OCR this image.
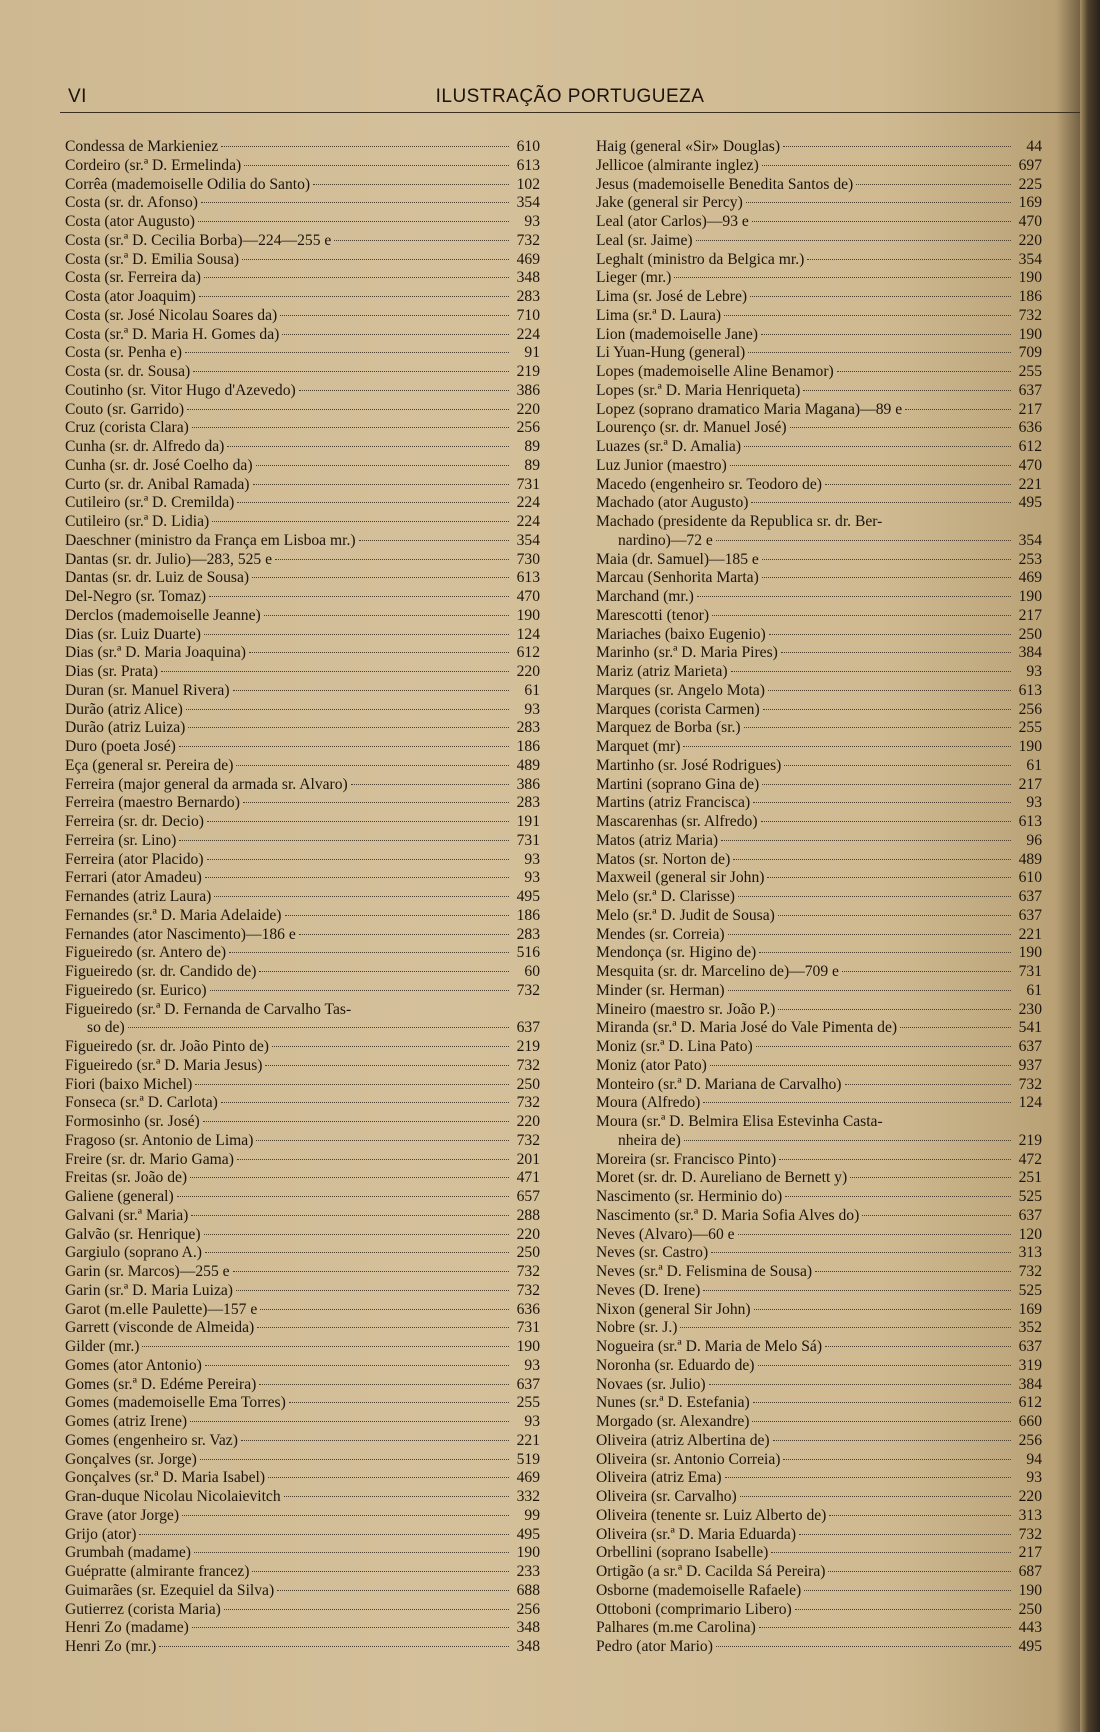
VI	ILUSTRAÇÃO PORTUGUEZA
Condessa de Markieniez	610
Cordeiro (sr.ª D. Ermelinda)	613
Corrêa (mademoiselle Odilia do Santo)	102
Costa (sr. dr. Afonso)	354
Costa (ator Augusto)	93
Costa (sr.ª D. Cecilia Borba)—224—255 e	732
Costa (sr.ª D. Emilia Sousa)	469
Costa (sr. Ferreira da)	348
Costa (ator Joaquim)	283
Costa (sr. José Nicolau Soares da)	710
Costa (sr.ª D. Maria H. Gomes da)	224
Costa (sr. Penha e)	91
Costa (sr. dr. Sousa)	219
Coutinho (sr. Vitor Hugo d'Azevedo)	386
Couto (sr. Garrido)	220
Cruz (corista Clara)	256
Cunha (sr. dr. Alfredo da)	89
Cunha (sr. dr. José Coelho da)	89
Curto (sr. dr. Anibal Ramada)	731
Cutileiro (sr.ª D. Cremilda)	224
Cutileiro (sr.ª D. Lidia)	224
Daeschner (ministro da França em Lisboa mr.)	354
Dantas (sr. dr. Julio)—283, 525 e	730
Dantas (sr. dr. Luiz de Sousa)	613
Del-Negro (sr. Tomaz)	470
Derclos (mademoiselle Jeanne)	190
Dias (sr. Luiz Duarte)	124
Dias (sr.ª D. Maria Joaquina)	612
Dias (sr. Prata)	220
Duran (sr. Manuel Rivera)	61
Durão (atriz Alice)	93
Durão (atriz Luiza)	283
Duro (poeta José)	186
Eça (general sr. Pereira de)	489
Ferreira (major general da armada sr. Alvaro)	386
Ferreira (maestro Bernardo)	283
Ferreira (sr. dr. Decio)	191
Ferreira (sr. Lino)	731
Ferreira (ator Placido)	93
Ferrari (ator Amadeu)	93
Fernandes (atriz Laura)	495
Fernandes (sr.ª D. Maria Adelaide)	186
Fernandes (ator Nascimento)—186 e	283
Figueiredo (sr. Antero de)	516
Figueiredo (sr. dr. Candido de)	60
Figueiredo (sr. Eurico)	732
Figueiredo (sr.ª D. Fernanda de Carvalho Tas-
so de)	637
Figueiredo (sr. dr. João Pinto de)	219
Figueiredo (sr.ª D. Maria Jesus)	732
Fiori (baixo Michel)	250
Fonseca (sr.ª D. Carlota)	732
Formosinho (sr. José)	220
Fragoso (sr. Antonio de Lima)	732
Freire (sr. dr. Mario Gama)	201
Freitas (sr. João de)	471
Galiene (general)	657
Galvani (sr.ª Maria)	288
Galvão (sr. Henrique)	220
Gargiulo (soprano A.)	250
Garin (sr. Marcos)—255 e	732
Garin (sr.ª D. Maria Luiza)	732
Garot (m.elle Paulette)—157 e	636
Garrett (visconde de Almeida)	731
Gilder (mr.)	190
Gomes (ator Antonio)	93
Gomes (sr.ª D. Edéme Pereira)	637
Gomes (mademoiselle Ema Torres)	255
Gomes (atriz Irene)	93
Gomes (engenheiro sr. Vaz)	221
Gonçalves (sr. Jorge)	519
Gonçalves (sr.ª D. Maria Isabel)	469
Gran-duque Nicolau Nicolaievitch	332
Grave (ator Jorge)	99
Grijo (ator)	495
Grumbah (madame)	190
Guépratte (almirante francez)	233
Guimarães (sr. Ezequiel da Silva)	688
Gutierrez (corista Maria)	256
Henri Zo (madame)	348
Henri Zo (mr.)	348
Haig (general «Sir» Douglas)	44
Jellicoe (almirante inglez)	697
Jesus (mademoiselle Benedita Santos de)	225
Jake (general sir Percy)	169
Leal (ator Carlos)—93 e	470
Leal (sr. Jaime)	220
Leghalt (ministro da Belgica mr.)	354
Lieger (mr.)	190
Lima (sr. José de Lebre)	186
Lima (sr.ª D. Laura)	732
Lion (mademoiselle Jane)	190
Li Yuan-Hung (general)	709
Lopes (mademoiselle Aline Benamor)	255
Lopes (sr.ª D. Maria Henriqueta)	637
Lopez (soprano dramatico Maria Magana)—89 e	217
Lourenço (sr. dr. Manuel José)	636
Luazes (sr.ª D. Amalia)	612
Luz Junior (maestro)	470
Macedo (engenheiro sr. Teodoro de)	221
Machado (ator Augusto)	495
Machado (presidente da Republica sr. dr. Ber-
nardino)—72 e	354
Maia (dr. Samuel)—185 e	253
Marcau (Senhorita Marta)	469
Marchand (mr.)	190
Marescotti (tenor)	217
Mariaches (baixo Eugenio)	250
Marinho (sr.ª D. Maria Pires)	384
Mariz (atriz Marieta)	93
Marques (sr. Angelo Mota)	613
Marques (corista Carmen)	256
Marquez de Borba (sr.)	255
Marquet (mr)	190
Martinho (sr. José Rodrigues)	61
Martini (soprano Gina de)	217
Martins (atriz Francisca)	93
Mascarenhas (sr. Alfredo)	613
Matos (atriz Maria)	96
Matos (sr. Norton de)	489
Maxweil (general sir John)	610
Melo (sr.ª D. Clarisse)	637
Melo (sr.ª D. Judit de Sousa)	637
Mendes (sr. Correia)	221
Mendonça (sr. Higino de)	190
Mesquita (sr. dr. Marcelino de)—709 e	731
Minder (sr. Herman)	61
Mineiro (maestro sr. João P.)	230
Miranda (sr.ª D. Maria José do Vale Pimenta de)	541
Moniz (sr.ª D. Lina Pato)	637
Moniz (ator Pato)	937
Monteiro (sr.ª D. Mariana de Carvalho)	732
Moura (Alfredo)	124
Moura (sr.ª D. Belmira Elisa Estevinha Casta-
nheira de)	219
Moreira (sr. Francisco Pinto)	472
Moret (sr. dr. D. Aureliano de Bernett y)	251
Nascimento (sr. Herminio do)	525
Nascimento (sr.ª D. Maria Sofia Alves do)	637
Neves (Alvaro)—60 e	120
Neves (sr. Castro)	313
Neves (sr.ª D. Felismina de Sousa)	732
Neves (D. Irene)	525
Nixon (general Sir John)	169
Nobre (sr. J.)	352
Nogueira (sr.ª D. Maria de Melo Sá)	637
Noronha (sr. Eduardo de)	319
Novaes (sr. Julio)	384
Nunes (sr.ª D. Estefania)	612
Morgado (sr. Alexandre)	660
Oliveira (atriz Albertina de)	256
Oliveira (sr. Antonio Correia)	94
Oliveira (atriz Ema)	93
Oliveira (sr. Carvalho)	220
Oliveira (tenente sr. Luiz Alberto de)	313
Oliveira (sr.ª D. Maria Eduarda)	732
Orbellini (soprano Isabelle)	217
Ortigão (a sr.ª D. Cacilda Sá Pereira)	687
Osborne (mademoiselle Rafaele)	190
Ottoboni (comprimario Libero)	250
Palhares (m.me Carolina)	443
Pedro (ator Mario)	495
